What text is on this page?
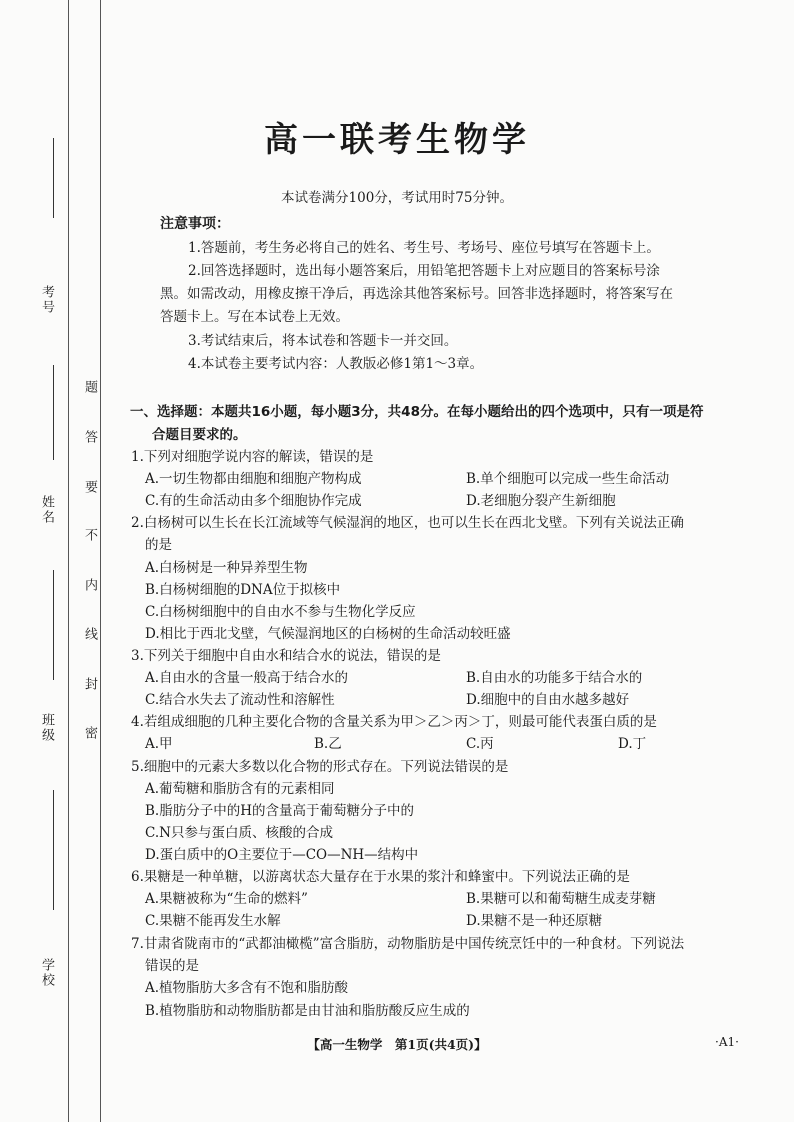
考号
姓名
班级
学校
题
答
要
不
内
线
封
密
高一联考生物学
本试卷满分100分，考试用时75分钟。
注意事项：
1.答题前，考生务必将自己的姓名、考生号、考场号、座位号填写在答题卡上。
2.回答选择题时，选出每小题答案后，用铅笔把答题卡上对应题目的答案标号涂
黑。如需改动，用橡皮擦干净后，再选涂其他答案标号。回答非选择题时，将答案写在
答题卡上。写在本试卷上无效。
3.考试结束后，将本试卷和答题卡一并交回。
4.本试卷主要考试内容：人教版必修1第1～3章。
一、选择题：本题共16小题，每小题3分，共48分。在每小题给出的四个选项中，只有一项是符
合题目要求的。
1.下列对细胞学说内容的解读，错误的是
A.一切生物都由细胞和细胞产物构成	B.单个细胞可以完成一些生命活动
C.有的生命活动由多个细胞协作完成	D.老细胞分裂产生新细胞
2.白杨树可以生长在长江流域等气候湿润的地区，也可以生长在西北戈壁。下列有关说法正确
的是
A.白杨树是一种异养型生物
B.白杨树细胞的DNA位于拟核中
C.白杨树细胞中的自由水不参与生物化学反应
D.相比于西北戈壁，气候湿润地区的白杨树的生命活动较旺盛
3.下列关于细胞中自由水和结合水的说法，错误的是
A.自由水的含量一般高于结合水的	B.自由水的功能多于结合水的
C.结合水失去了流动性和溶解性	D.细胞中的自由水越多越好
4.若组成细胞的几种主要化合物的含量关系为甲＞乙＞丙＞丁，则最可能代表蛋白质的是
A.甲	B.乙	C.丙	D.丁
5.细胞中的元素大多数以化合物的形式存在。下列说法错误的是
A.葡萄糖和脂肪含有的元素相同
B.脂肪分子中的H的含量高于葡萄糖分子中的
C.N只参与蛋白质、核酸的合成
D.蛋白质中的O主要位于—CO—NH—结构中
6.果糖是一种单糖，以游离状态大量存在于水果的浆汁和蜂蜜中。下列说法正确的是
A.果糖被称为“生命的燃料”	B.果糖可以和葡萄糖生成麦芽糖
C.果糖不能再发生水解	D.果糖不是一种还原糖
7.甘肃省陇南市的“武都油橄榄”富含脂肪，动物脂肪是中国传统烹饪中的一种食材。下列说法
错误的是
A.植物脂肪大多含有不饱和脂肪酸
B.植物脂肪和动物脂肪都是由甘油和脂肪酸反应生成的
【高一生物学　第1页(共4页)】	·A1·
